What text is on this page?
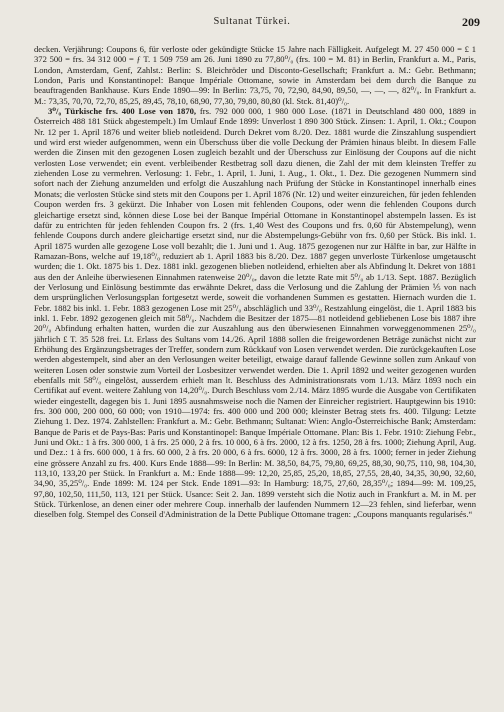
Sultanat Türkei.	209

decken. Verjährung: Coupons 6, für verloste oder gekündigte Stücke 15 Jahre nach Fälligkeit. Aufgelegt M. 27 450 000 = £ 1 372 500 = frs. 34 312 000 = ƒ T. 1 509 759 am 26. Juni 1890 zu 77,80⁰/₀ (frs. 100 = M. 81) in Berlin, Frankfurt a. M., Paris, London, Amsterdam, Genf, Zahlst.: Berlin: S. Bleichröder und Disconto-Gesellschaft; Frankfurt a. M.: Gebr. Bethmann; London, Paris und Konstantinopel: Banque Impériale Ottomane, sowie in Amsterdam bei dem durch die Banque zu beauftragenden Bankhause. Kurs Ende 1890—99: In Berlin: 73,75, 70, 72,90, 84,90, 89,50, —, —, —, 82⁰/₀. In Frankfurt a. M.: 73,35, 70,70, 72,70, 85,25, 89,45, 78,10, 68,90, 77,30, 79,80, 80,80 (kl. Stck. 81,40)⁰/₀.

3⁰/₀ Türkische frs. 400 Lose von 1870, frs. 792 000 000, 1 980 000 Lose. (1871 in Deutschland 480 000, 1889 in Österreich 488 181 Stück abgestempelt.) Im Umlauf Ende 1899: Unverlost 1 890 300 Stück. Zinsen: 1. April, 1. Okt.; Coupon Nr. 12 per 1. April 1876 und weiter blieb notleidend. Durch Dekret vom 8./20. Dez. 1881 wurde die Zinszahlung suspendiert und wird erst wieder aufgenommen, wenn ein Überschuss über die volle Deckung der Prämien hinaus bleibt. In diesem Falle werden die Zinsen mit den gezogenen Losen zugleich bezahlt und der Überschuss zur Einlösung der Coupons auf die nicht verlosten Lose verwendet; ein event. verbleibender Restbetrag soll dazu dienen, die Zahl der mit dem kleinsten Treffer zu ziehenden Lose zu vermehren. Verlosung: 1. Febr., 1. April, 1. Juni, 1. Aug., 1. Okt., 1. Dez. Die gezogenen Nummern sind sofort nach der Ziehung anzumelden und erfolgt die Auszahlung nach Prüfung der Stücke in Konstantinopel innerhalb eines Monats; die verlosten Stücke sind stets mit den Coupons per 1. April 1876 (Nr. 12) und weiter einzureichen, für jeden fehlenden Coupon werden frs. 3 gekürzt. Die Inhaber von Losen mit fehlenden Coupons, oder wenn die fehlenden Coupons durch gleichartige ersetzt sind, können diese Lose bei der Banque Impérial Ottomane in Konstantinopel abstempeln lassen. Es ist dafür zu entrichten für jeden fehlenden Coupon frs. 2 (frs. 1,40 West des Coupons und frs. 0,60 für Abstempelung), wenn fehlende Coupons durch andere gleichartige ersetzt sind, nur die Abstempelungs-Gebühr von frs. 0,60 per Stück. Bis inkl. 1. April 1875 wurden alle gezogene Lose voll bezahlt; die 1. Juni und 1. Aug. 1875 gezogenen nur zur Hälfte in bar, zur Hälfte in Ramazan-Bons, welche auf 19,18⁰/₀ reduziert ab 1. April 1883 bis 8./20. Dez. 1887 gegen unverloste Türkenlose umgetauscht wurden; die 1. Okt. 1875 bis 1. Dez. 1881 inkl. gezogenen blieben notleidend, erhielten aber als Abfindung lt. Dekret von 1881 aus den der Anleihe überwiesenen Einnahmen ratenweise 20⁰/₀, davon die letzte Rate mit 5⁰/₀ ab 1./13. Sept. 1887. Bezüglich der Verlosung und Einlösung bestimmte das erwähnte Dekret, dass die Verlosung und die Zahlung der Prämien ⅕ von nach dem ursprünglichen Verlosungsplan fortgesetzt werde, soweit die vorhandenen Summen es gestatten. Hiernach wurden die 1. Febr. 1882 bis inkl. 1. Febr. 1883 gezogenen Lose mit 25⁰/₀ abschläglich und 33⁰/₀ Restzahlung eingelöst, die 1. April 1883 bis inkl. 1. Febr. 1892 gezogenen gleich mit 58⁰/₀. Nachdem die Besitzer der 1875—81 notleidend gebliebenen Lose bis 1887 ihre 20⁰/₀ Abfindung erhalten hatten, wurden die zur Auszahlung aus den überwiesenen Einnahmen vorweggenommenen 25⁰/₀ jährlich £ T. 35 528 frei. Lt. Erlass des Sultans vom 14./26. April 1888 sollen die freigewordenen Beträge zunächst nicht zur Erhöhung des Ergänzungsbetrages der Treffer, sondern zum Rückkauf von Losen verwendet werden. Die zurückgekauften Lose werden abgestempelt, sind aber an den Verlosungen weiter beteiligt, etwaige darauf fallende Gewinne sollen zum Ankauf von weiteren Losen oder sonstwie zum Vorteil der Losbesitzer verwendet werden. Die 1. April 1892 und weiter gezogenen wurden ebenfalls mit 58⁰/₀ eingelöst, ausserdem erhielt man lt. Beschluss des Administrationsrats vom 1./13. März 1893 noch ein Certifikat auf event. weitere Zahlung von 14,20⁰/₀. Durch Beschluss vom 2./14. März 1895 wurde die Ausgabe von Certifikaten wieder eingestellt, dagegen bis 1. Juni 1895 ausnahmsweise noch die Namen der Einreicher registriert. Hauptgewinn bis 1910: frs. 300 000, 200 000, 60 000; von 1910—1974: frs. 400 000 und 200 000; kleinster Betrag stets frs. 400. Tilgung: Letzte Ziehung 1. Dez. 1974. Zahlstellen: Frankfurt a. M.: Gebr. Bethmann; Sultanat: Wien: Anglo-Österreichische Bank; Amsterdam: Banque de Paris et de Pays-Bas: Paris und Konstantinopel: Banque Impériale Ottomane. Plan: Bis 1. Febr. 1910: Ziehung Febr., Juni und Okt.: 1 à frs. 300 000, 1 à frs. 25 000, 2 à frs. 10 000, 6 à frs. 2000, 12 à frs. 1250, 28 à frs. 1000; Ziehung April, Aug. und Dez.: 1 à frs. 600 000, 1 à frs. 60 000, 2 à frs. 20 000, 6 à frs. 6000, 12 à frs. 3000, 28 à frs. 1000; ferner in jeder Ziehung eine grössere Anzahl zu frs. 400. Kurs Ende 1888—99: In Berlin: M. 38,50, 84,75, 79,80, 69,25, 88,30, 90,75, 110, 98, 104,30, 113,10, 133,20 per Stück. In Frankfurt a. M.: Ende 1888—99: 12,20, 25,85, 25,20, 18,85, 27,55, 28,40, 34,35, 30,90, 32,60, 34,90, 35,25⁰/₀. Ende 1899: M. 124 per Stck. Ende 1891—93: In Hamburg: 18,75, 27,60, 28,35⁰/₀; 1894—99: M. 109,25, 97,80, 102,50, 111,50, 113, 121 per Stück. Usance: Seit 2. Jan. 1899 versteht sich die Notiz auch in Frankfurt a. M. in M. per Stück. Türkenlose, an denen einer oder mehrere Coup. innerhalb der laufenden Nummern 12—23 fehlen, sind lieferbar, wenn dieselben folg. Stempel des Conseil d'Administration de la Dette Publique Ottomane tragen: „Coupons manquants regularisés.“
